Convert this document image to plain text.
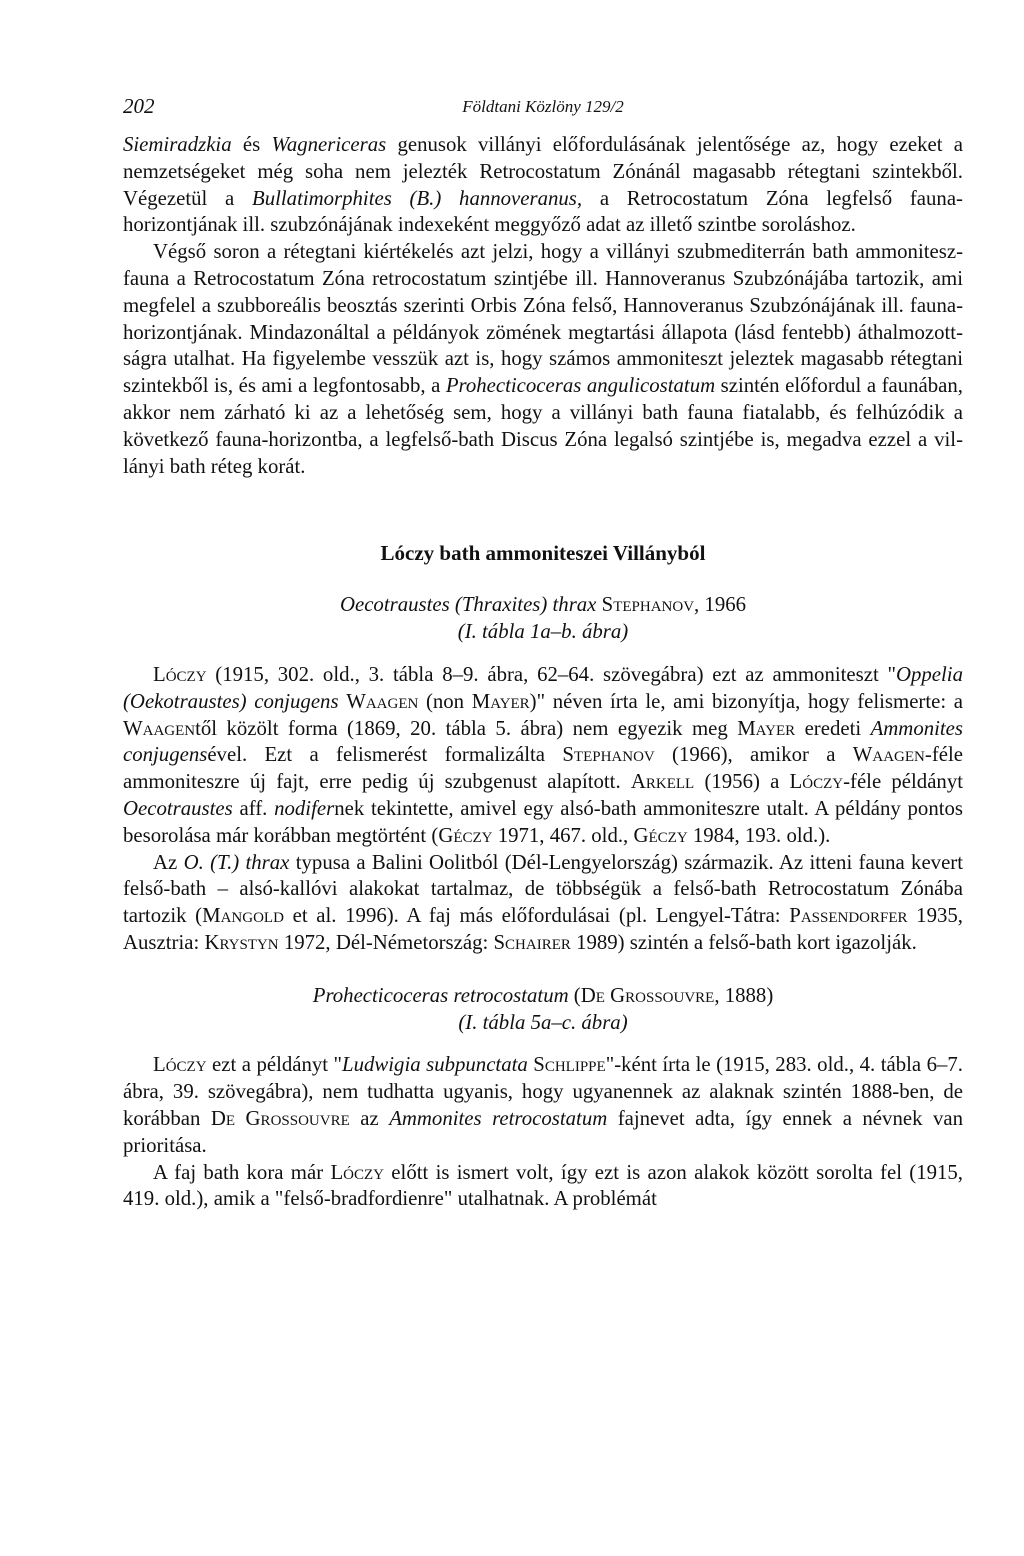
202	Földtani Közlöny 129/2

Siemiradzkia és Wagnericeras genusok villányi előfordulásának jelentősége az, hogy ezeket a nemzetségeket még soha nem jelezték Retrocostatum Zónánál magasabb rétegtani szintekből. Végezetül a Bullatimorphites (B.) hannoveranus, a Retrocostatum Zóna legfelső fauna-horizontjának ill. szubzónájának indexeként meggyőző adat az illető szintbe soroláshoz.

Végső soron a rétegtani kiértékelés azt jelzi, hogy a villányi szubmediterrán bath ammonitesz-fauna a Retrocostatum Zóna retrocostatum szintjébe ill. Hannoveranus Szubzónájába tartozik, ami megfelel a szubboreális beosztás szerinti Orbis Zóna felső, Hannoveranus Szubzónájának ill. fauna-horizontjának. Mindazonáltal a példányok zömének megtartási állapota (lásd fentebb) áthalmozottságra utalhat. Ha figyelembe vesszük azt is, hogy számos ammoniteszt jeleztek magasabb rétegtani szintekből is, és ami a legfontosabb, a Prohecticoceras angulicostatum szintén előfordul a faunában, akkor nem zárható ki az a lehetőség sem, hogy a villányi bath fauna fiatalabb, és felhúzódik a következő fauna-horizontba, a legfelső-bath Discus Zóna legalsó szintjébe is, megadva ezzel a villányi bath réteg korát.

Lóczy bath ammoniteszei Villányból
Oecotraustes (Thraxites) thrax Stephanov, 1966
(I. tábla 1a–b. ábra)

Lóczy (1915, 302. old., 3. tábla 8–9. ábra, 62–64. szövegábra) ezt az ammoniteszt "Oppelia (Oekotraustes) conjugens Waagen (non Mayer)" néven írta le, ami bizonyítja, hogy felismerte: a Waagentől közölt forma (1869, 20. tábla 5. ábra) nem egyezik meg Mayer eredeti Ammonites conjugensével. Ezt a felismerést formalizálta Stephanov (1966), amikor a Waagen-féle ammoniteszre új fajt, erre pedig új szubgenust alapított. Arkell (1956) a Lóczy-féle példányt Oecotraustes aff. nodifernek tekintette, amivel egy alsó-bath ammoniteszre utalt. A példány pontos besorolása már korábban megtörtént (Géczy 1971, 467. old., Géczy 1984, 193. old.).

Az O. (T.) thrax typusa a Balini Oolitból (Dél-Lengyelország) származik. Az itteni fauna kevert felső-bath – alsó-kallóvi alakokat tartalmaz, de többségük a felső-bath Retrocostatum Zónába tartozik (Mangold et al. 1996). A faj más előfordulásai (pl. Lengyel-Tátra: Passendorfer 1935, Ausztria: Krystyn 1972, Dél-Németország: Schairer 1989) szintén a felső-bath kort igazolják.

Prohecticoceras retrocostatum (De Grossouvre, 1888)
(I. tábla 5a–c. ábra)

Lóczy ezt a példányt "Ludwigia subpunctata Schlippe"-ként írta le (1915, 283. old., 4. tábla 6–7. ábra, 39. szövegábra), nem tudhatta ugyanis, hogy ugyanennek az alaknak szintén 1888-ben, de korábban De Grossouvre az Ammonites retrocostatum fajnevet adta, így ennek a névnek van prioritása.

A faj bath kora már Lóczy előtt is ismert volt, így ezt is azon alakok között sorolta fel (1915, 419. old.), amik a "felső-bradfordienre" utalhatnak. A problémát
